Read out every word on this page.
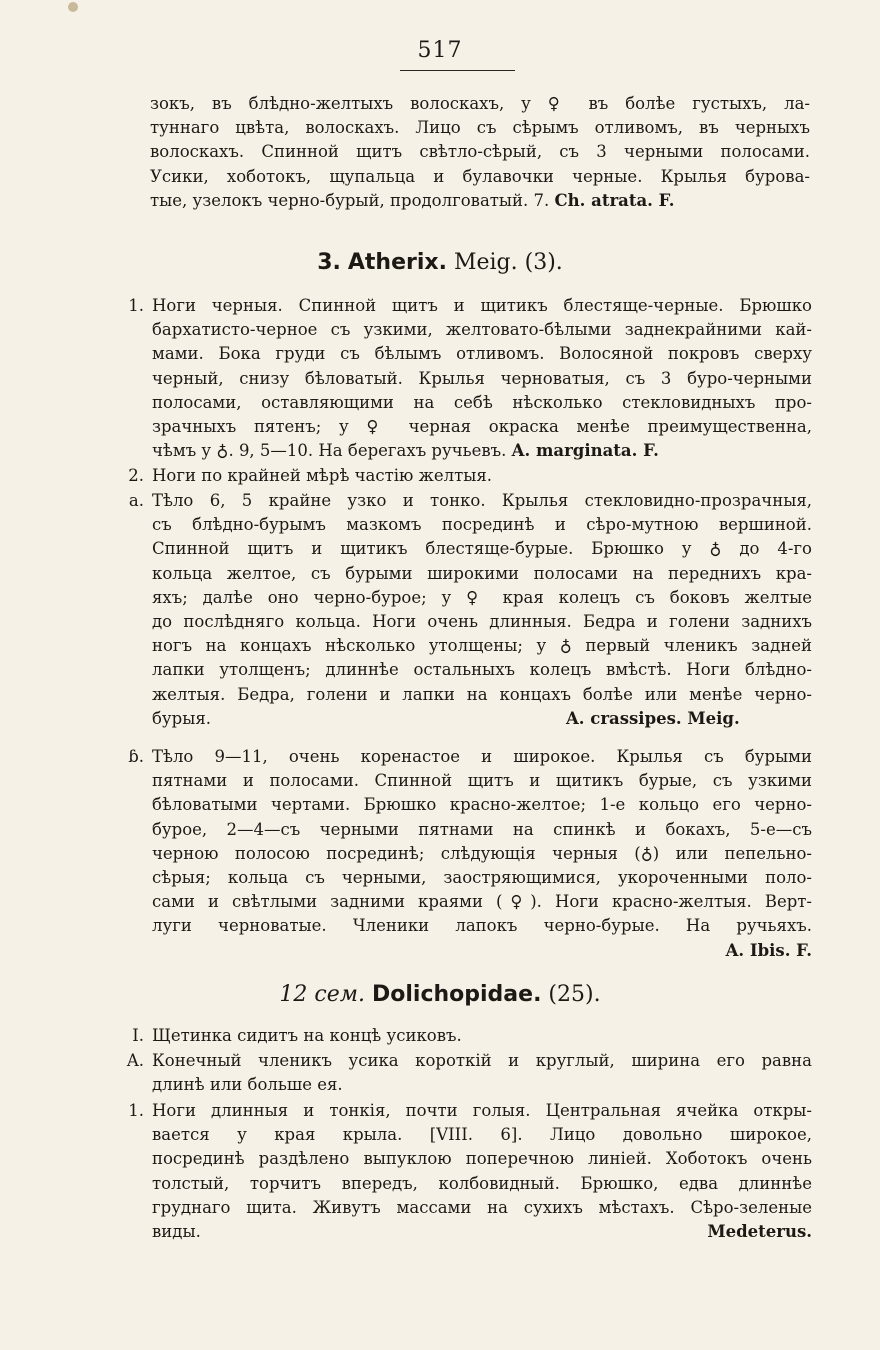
517
зокъ, въ блѣдно-желтыхъ волоскахъ, у ♀ въ болѣе густыхъ, ла-
туннаго цвѣта, волоскахъ. Лицо съ сѣрымъ отливомъ, въ черныхъ
волоскахъ. Спинной щитъ свѣтло-сѣрый, съ 3 черными полосами.
Усики, хоботокъ, щупальца и булавочки черные. Крылья бурова-
тые, узелокъ черно-бурый, продолговатый. 7. Ch. atrata. F.
3. Atherix. Meig. (3).
1. Ноги черныя. Спинной щитъ и щитикъ блестяще-черные. Брюшко
бархатисто-черное съ узкими, желтовато-бѣлыми заднекрайними кай-
мами. Бока груди съ бѣлымъ отливомъ. Волосяной покровъ сверху
черный, снизу бѣловатый. Крылья черноватыя, съ 3 буро-черными
полосами, оставляющими на себѣ нѣсколько стекловидныхъ про-
зрачныхъ пятенъ; у ♀ черная окраска менѣе преимущественна,
чѣмъ у ♁. 9, 5—10. На берегахъ ручьевъ. A. marginata. F.
2. Ноги по крайней мѣрѣ частію желтыя.
a. Тѣло 6, 5 крайне узко и тонко. Крылья стекловидно-прозрачныя,
съ блѣдно-бурымъ мазкомъ посрединѣ и сѣро-мутною вершиной.
Спинной щитъ и щитикъ блестяще-бурые. Брюшко у ♁ до 4-го
кольца желтое, съ бурыми широкими полосами на переднихъ кра-
яхъ; далѣе оно черно-бурое; у ♀ края колецъ съ боковъ желтые
до послѣдняго кольца. Ноги очень длинныя. Бедра и голени заднихъ
ногъ на концахъ нѣсколько утолщены; у ♁ первый членикъ задней
лапки утолщенъ; длиннѣе остальныхъ колецъ вмѣстѣ. Ноги блѣдно-
желтыя. Бедра, голени и лапки на концахъ болѣе или менѣе черно-
бурыя.	A. crassipes. Meig.
ɓ. Тѣло 9—11, очень коренастое и широкое. Крылья съ бурыми
пятнами и полосами. Спинной щитъ и щитикъ бурые, съ узкими
бѣловатыми чертами. Брюшко красно-желтое; 1-е кольцо его черно-
бурое, 2—4—съ черными пятнами на спинкѣ и бокахъ, 5-е—съ
черною полосою посрединѣ; слѣдующія черныя (♁) или пепельно-
сѣрыя; кольца съ черными, заостряющимися, укороченными поло-
сами и свѣтлыми задними краями (♀). Ноги красно-желтыя. Верт-
луги черноватые. Членики лапокъ черно-бурые. На ручьяхъ.
A. Ibis. F.
12 сем. Dolichopidae. (25).
I. Щетинка сидитъ на концѣ усиковъ.
A. Конечный членикъ усика короткій и круглый, ширина его равна
длинѣ или больше ея.
1. Ноги длинныя и тонкія, почти голыя. Центральная ячейка откры-
вается у края крыла. [VIII. 6]. Лицо довольно широкое,
посрединѣ раздѣлено выпуклою поперечною линіей. Хоботокъ очень
толстый, торчитъ впередъ, колбовидный. Брюшко, едва длиннѣе
груднаго щита. Живутъ массами на сухихъ мѣстахъ. Сѣро-зеленые
виды.	Medeterus.
